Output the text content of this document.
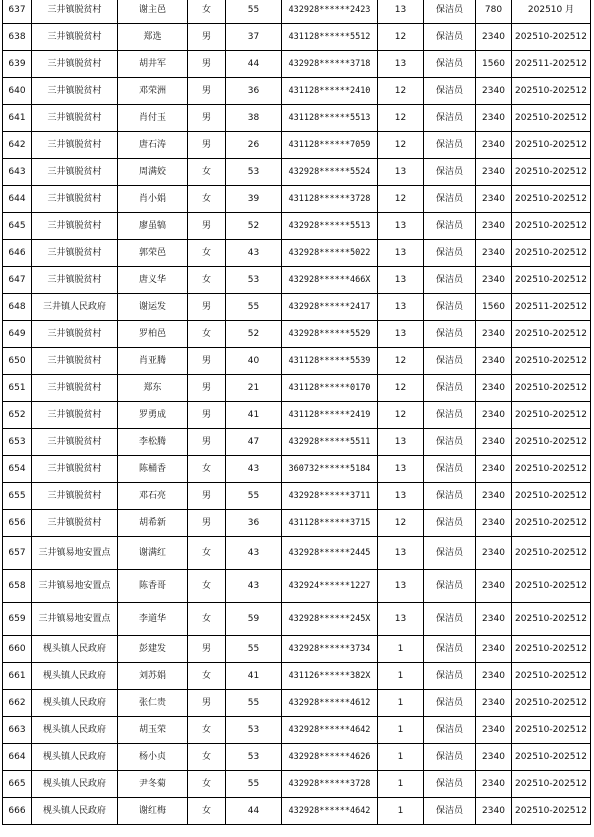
637	三井镇脱贫村	谢主邑	女	55	432928******2423	13	保洁员	780	202510 月
638	三井镇脱贫村	郑选	男	37	431128******5512	12	保洁员	2340	202510-202512
639	三井镇脱贫村	胡井军	男	44	432928******3718	13	保洁员	1560	202511-202512
640	三井镇脱贫村	邓荣洲	男	36	431128******2410	12	保洁员	2340	202510-202512
641	三井镇脱贫村	肖付玉	男	38	431128******5513	12	保洁员	2340	202510-202512
642	三井镇脱贫村	唐石涛	男	26	431128******7059	12	保洁员	2340	202510-202512
643	三井镇脱贫村	周满姣	女	53	432928******5524	13	保洁员	2340	202510-202512
644	三井镇脱贫村	肖小娟	女	39	431128******3728	12	保洁员	2340	202510-202512
645	三井镇脱贫村	廖虽犒	男	52	432928******5513	13	保洁员	2340	202510-202512
646	三井镇脱贫村	郭荣邑	女	43	432928******5022	13	保洁员	2340	202510-202512
647	三井镇脱贫村	唐义华	女	53	432928******466X	13	保洁员	2340	202510-202512
648	三井镇人民政府	谢运发	男	55	432928******2417	13	保洁员	1560	202511-202512
649	三井镇脱贫村	罗柏邑	女	52	432928******5529	13	保洁员	2340	202510-202512
650	三井镇脱贫村	肖亚腾	男	40	431128******5539	12	保洁员	2340	202510-202512
651	三井镇脱贫村	郑东	男	21	431128******0170	12	保洁员	2340	202510-202512
652	三井镇脱贫村	罗勇成	男	41	431128******2419	12	保洁员	2340	202510-202512
653	三井镇脱贫村	李松腾	男	47	432928******5511	13	保洁员	2340	202510-202512
654	三井镇脱贫村	陈桶香	女	43	360732******5184	13	保洁员	2340	202510-202512
655	三井镇脱贫村	邓石亮	男	55	432928******3711	13	保洁员	2340	202510-202512
656	三井镇脱贫村	胡希新	男	36	431128******3715	12	保洁员	2340	202510-202512
657	三井镇易地安置点	谢满红	女	43	432928******2445	13	保洁员	2340	202510-202512
658	三井镇易地安置点	陈香哥	女	43	432924******1227	13	保洁员	2340	202510-202512
659	三井镇易地安置点	李道华	女	59	432928******245X	13	保洁员	2340	202510-202512
660	枧头镇人民政府	彭建发	男	55	432928******3734	1	保洁员	2340	202510-202512
661	枧头镇人民政府	刘苏娟	女	41	431126******382X	1	保洁员	2340	202510-202512
662	枧头镇人民政府	张仁贵	男	55	432928******4612	1	保洁员	2340	202510-202512
663	枧头镇人民政府	胡玉荣	女	53	432928******4642	1	保洁员	2340	202510-202512
664	枧头镇人民政府	杨小贞	女	53	432928******4626	1	保洁员	2340	202510-202512
665	枧头镇人民政府	尹冬菊	女	55	432928******3728	1	保洁员	2340	202510-202512
666	枧头镇人民政府	谢红梅	女	44	432928******4642	1	保洁员	2340	202510-202512
